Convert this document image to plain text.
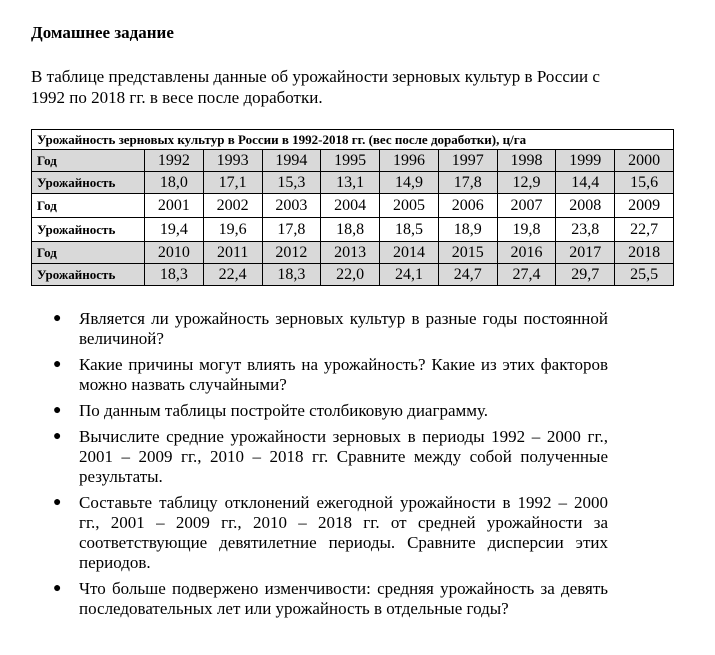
Домашнее задание
В таблице представлены данные об урожайности зерновых культур в России с 1992 по 2018 гг. в весе после доработки.
Урожайность зерновых культур в России в 1992-2018 гг. (вес после доработки), ц/га									
Год	1992	1993	1994	1995	1996	1997	1998	1999	2000
Урожайность	18,0	17,1	15,3	13,1	14,9	17,8	12,9	14,4	15,6
Год	2001	2002	2003	2004	2005	2006	2007	2008	2009
Урожайность	19,4	19,6	17,8	18,8	18,5	18,9	19,8	23,8	22,7
Год	2010	2011	2012	2013	2014	2015	2016	2017	2018
Урожайность	18,3	22,4	18,3	22,0	24,1	24,7	27,4	29,7	25,5
● Является ли урожайность зерновых культур в разные годы постоянной величиной?
● Какие причины могут влиять на урожайность? Какие из этих факторов можно назвать случайными?
● По данным таблицы постройте столбиковую диаграмму.
● Вычислите средние урожайности зерновых в периоды 1992 – 2000 гг., 2001 – 2009 гг., 2010 – 2018 гг. Сравните между собой полученные результаты.
● Составьте таблицу отклонений ежегодной урожайности в 1992 – 2000 гг., 2001 – 2009 гг., 2010 – 2018 гг. от средней урожайности за соответствующие девятилетние периоды. Сравните дисперсии этих периодов.
● Что больше подвержено изменчивости: средняя урожайность за девять последовательных лет или урожайность в отдельные годы?
